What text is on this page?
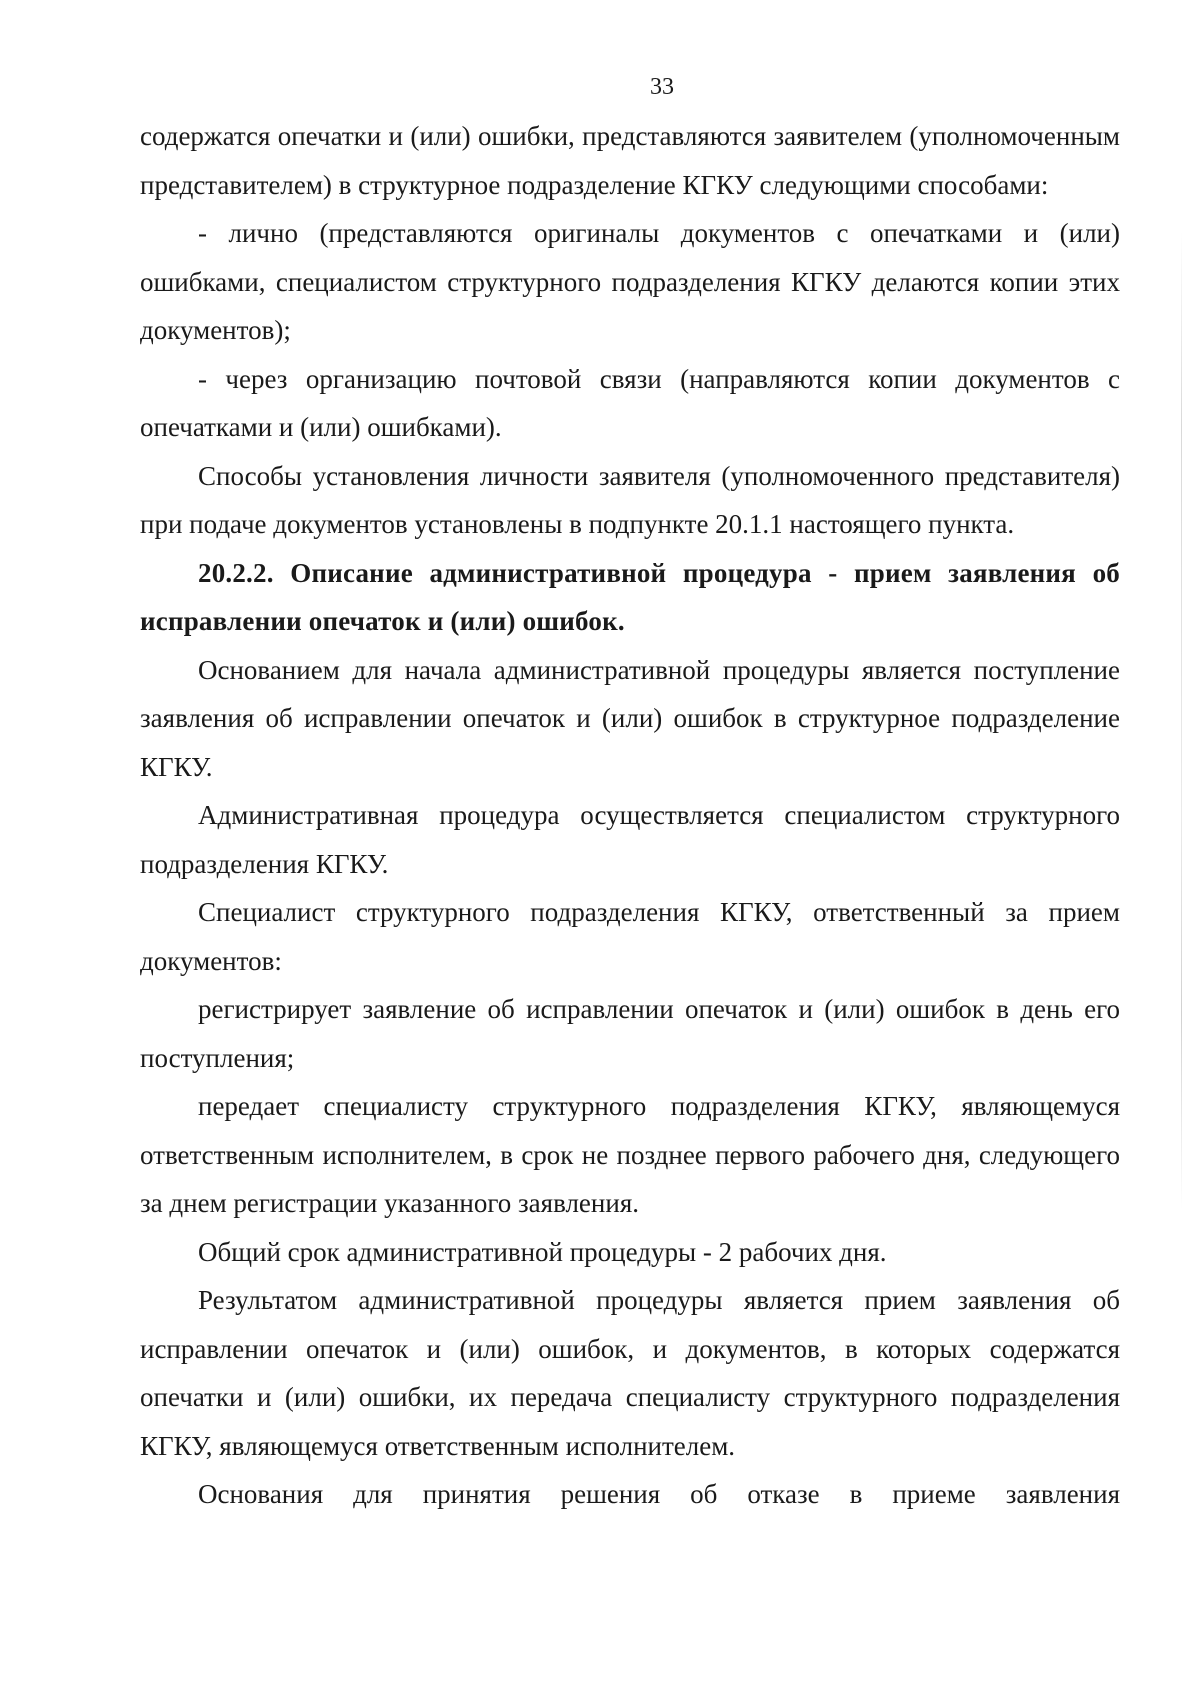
33

содержатся опечатки и (или) ошибки, представляются заявителем (уполномоченным представителем) в структурное подразделение КГКУ следующими способами:

- лично (представляются оригиналы документов с опечатками и (или) ошибками, специалистом структурного подразделения КГКУ делаются копии этих документов);

- через организацию почтовой связи (направляются копии документов с опечатками и (или) ошибками).

Способы установления личности заявителя (уполномоченного представителя) при подаче документов установлены в подпункте 20.1.1 настоящего пункта.

20.2.2. Описание административной процедура - прием заявления об исправлении опечаток и (или) ошибок.

Основанием для начала административной процедуры является поступление заявления об исправлении опечаток и (или) ошибок в структурное подразделение КГКУ.

Административная процедура осуществляется специалистом структурного подразделения КГКУ.

Специалист структурного подразделения КГКУ, ответственный за прием документов:

регистрирует заявление об исправлении опечаток и (или) ошибок в день его поступления;

передает специалисту структурного подразделения КГКУ, являющемуся ответственным исполнителем, в срок не позднее первого рабочего дня, следующего за днем регистрации указанного заявления.

Общий срок административной процедуры - 2 рабочих дня.

Результатом административной процедуры является прием заявления об исправлении опечаток и (или) ошибок, и документов, в которых содержатся опечатки и (или) ошибки, их передача специалисту структурного подразделения КГКУ, являющемуся ответственным исполнителем.

Основания для принятия решения об отказе в приеме заявления
